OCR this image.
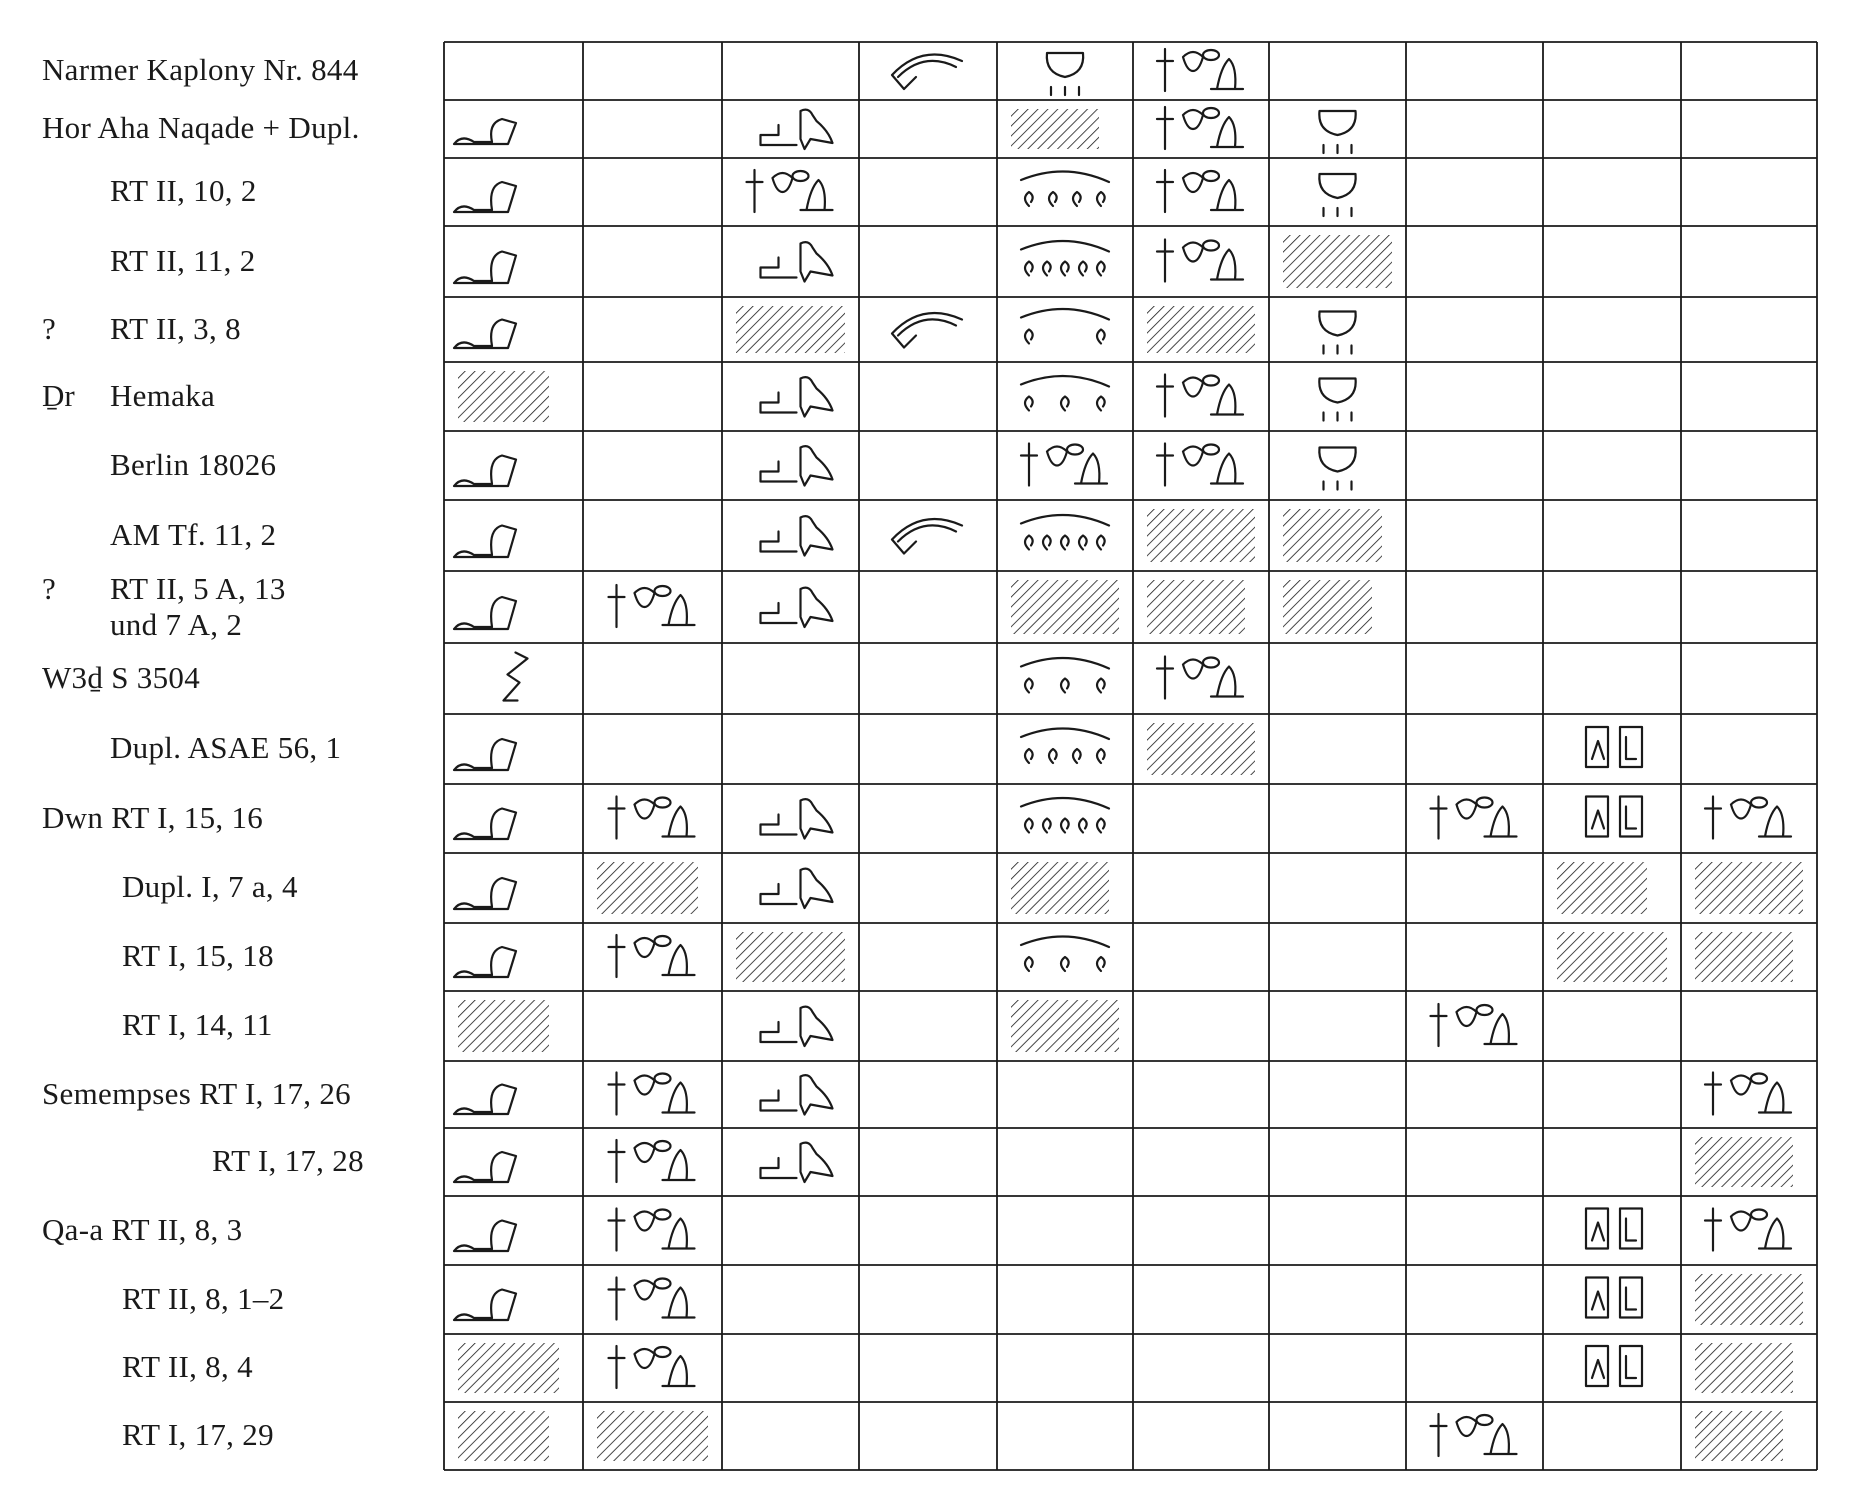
Narmer Kaplony Nr. 844
Hor Aha Naqade + Dupl.
RT II, 10, 2
RT II, 11, 2
? RT II, 3, 8
Ḏr Hemaka
Berlin 18026
AM Tf. 11, 2
? RT II, 5 A, 13
und 7 A, 2
W3ḏ S 3504
Dupl. ASAE 56, 1
Dwn RT I, 15, 16
Dupl. I, 7 a, 4
RT I, 15, 18
RT I, 14, 11
Semempses RT I, 17, 26
RT I, 17, 28
Qa-a RT II, 8, 3
RT II, 8, 1–2
RT II, 8, 4
RT I, 17, 29
